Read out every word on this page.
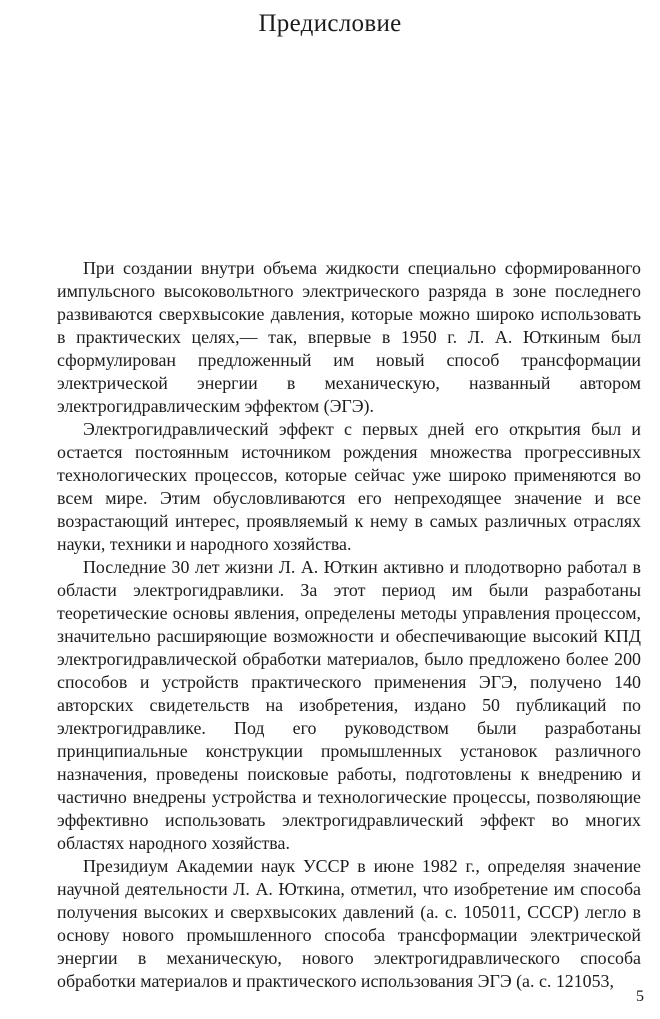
Предисловие

При создании внутри объема жидкости специально сформированного импульсного высоковольтного электрического разряда в зоне последнего развиваются сверхвысокие давления, которые можно широко использовать в практических целях,— так, впервые в 1950 г. Л. А. Юткиным был сформулирован предложенный им новый способ трансформации электрической энергии в механическую, названный автором электрогидравлическим эффектом (ЭГЭ).

Электрогидравлический эффект с первых дней его открытия был и остается постоянным источником рождения множества прогрессивных технологических процессов, которые сейчас уже широко применяются во всем мире. Этим обусловливаются его непреходящее значение и все возрастающий интерес, проявляемый к нему в самых различных отраслях науки, техники и народного хозяйства.

Последние 30 лет жизни Л. А. Юткин активно и плодотворно работал в области электрогидравлики. За этот период им были разработаны теоретические основы явления, определены методы управления процессом, значительно расширяющие возможности и обеспечивающие высокий КПД электрогидравлической обработки материалов, было предложено более 200 способов и устройств практического применения ЭГЭ, получено 140 авторских свидетельств на изобретения, издано 50 публикаций по электрогидравлике. Под его руководством были разработаны принципиальные конструкции промышленных установок различного назначения, проведены поисковые работы, подготовлены к внедрению и частично внедрены устройства и технологические процессы, позволяющие эффективно использовать электрогидравлический эффект во многих областях народного хозяйства.

Президиум Академии наук УССР в июне 1982 г., определяя значение научной деятельности Л. А. Юткина, отметил, что изобретение им способа получения высоких и сверхвысоких давлений (а. с. 105011, СССР) легло в основу нового промышленного способа трансформации электрической энергии в механическую, нового электрогидравлического способа обработки материалов и практического использования ЭГЭ (а. с. 121053,

5
